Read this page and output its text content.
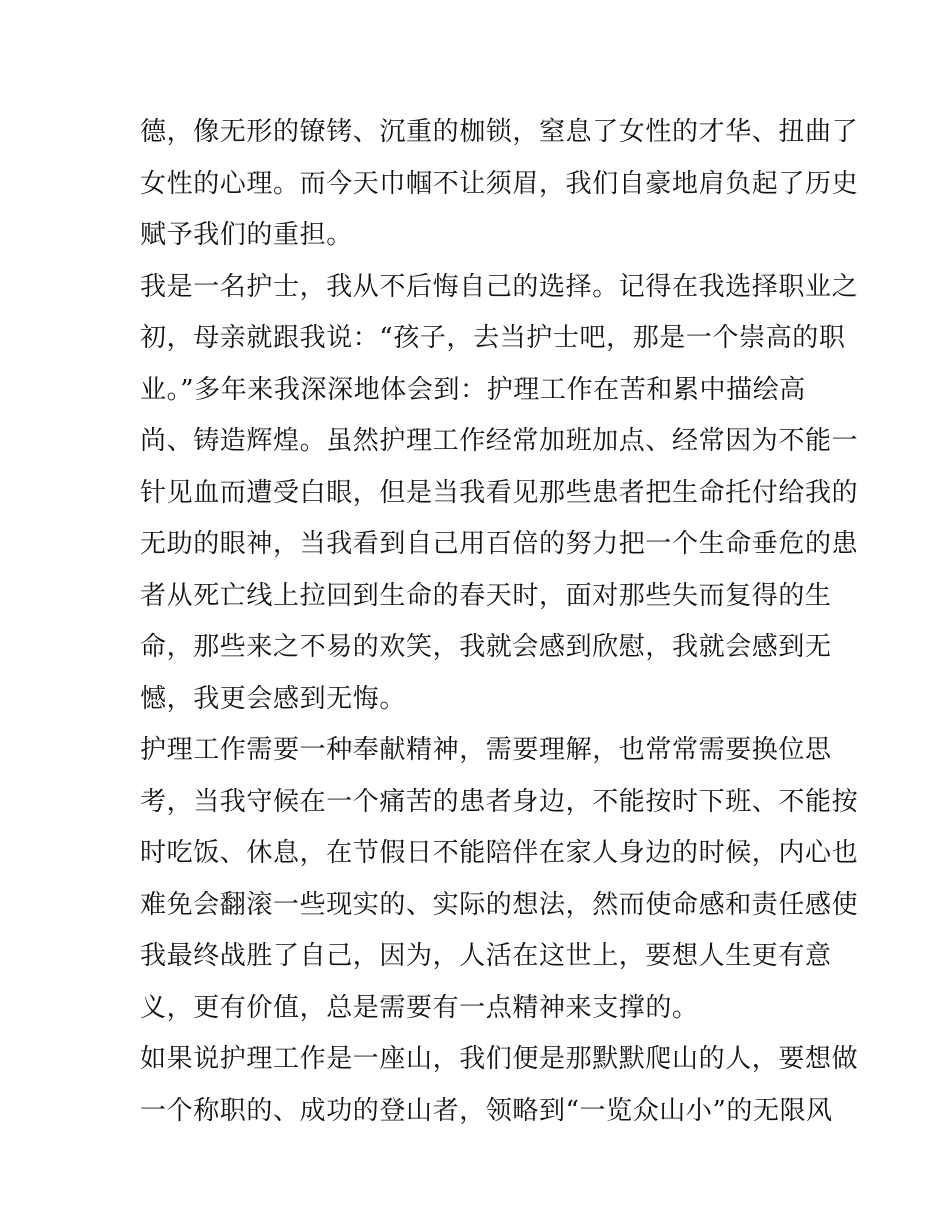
德，像无形的镣铐、沉重的枷锁，窒息了女性的才华、扭曲了
女性的心理。而今天巾帼不让须眉，我们自豪地肩负起了历史
赋予我们的重担。
我是一名护士，我从不后悔自己的选择。记得在我选择职业之
初，母亲就跟我说：“孩子，去当护士吧，那是一个崇高的职
业。”多年来我深深地体会到：护理工作在苦和累中描绘高
尚、铸造辉煌。虽然护理工作经常加班加点、经常因为不能一
针见血而遭受白眼，但是当我看见那些患者把生命托付给我的
无助的眼神，当我看到自己用百倍的努力把一个生命垂危的患
者从死亡线上拉回到生命的春天时，面对那些失而复得的生
命，那些来之不易的欢笑，我就会感到欣慰，我就会感到无
憾，我更会感到无悔。
护理工作需要一种奉献精神，需要理解，也常常需要换位思
考，当我守候在一个痛苦的患者身边，不能按时下班、不能按
时吃饭、休息，在节假日不能陪伴在家人身边的时候，内心也
难免会翻滚一些现实的、实际的想法，然而使命感和责任感使
我最终战胜了自己，因为，人活在这世上，要想人生更有意
义，更有价值，总是需要有一点精神来支撑的。
如果说护理工作是一座山，我们便是那默默爬山的人，要想做
一个称职的、成功的登山者，领略到“一览众山小”的无限风
